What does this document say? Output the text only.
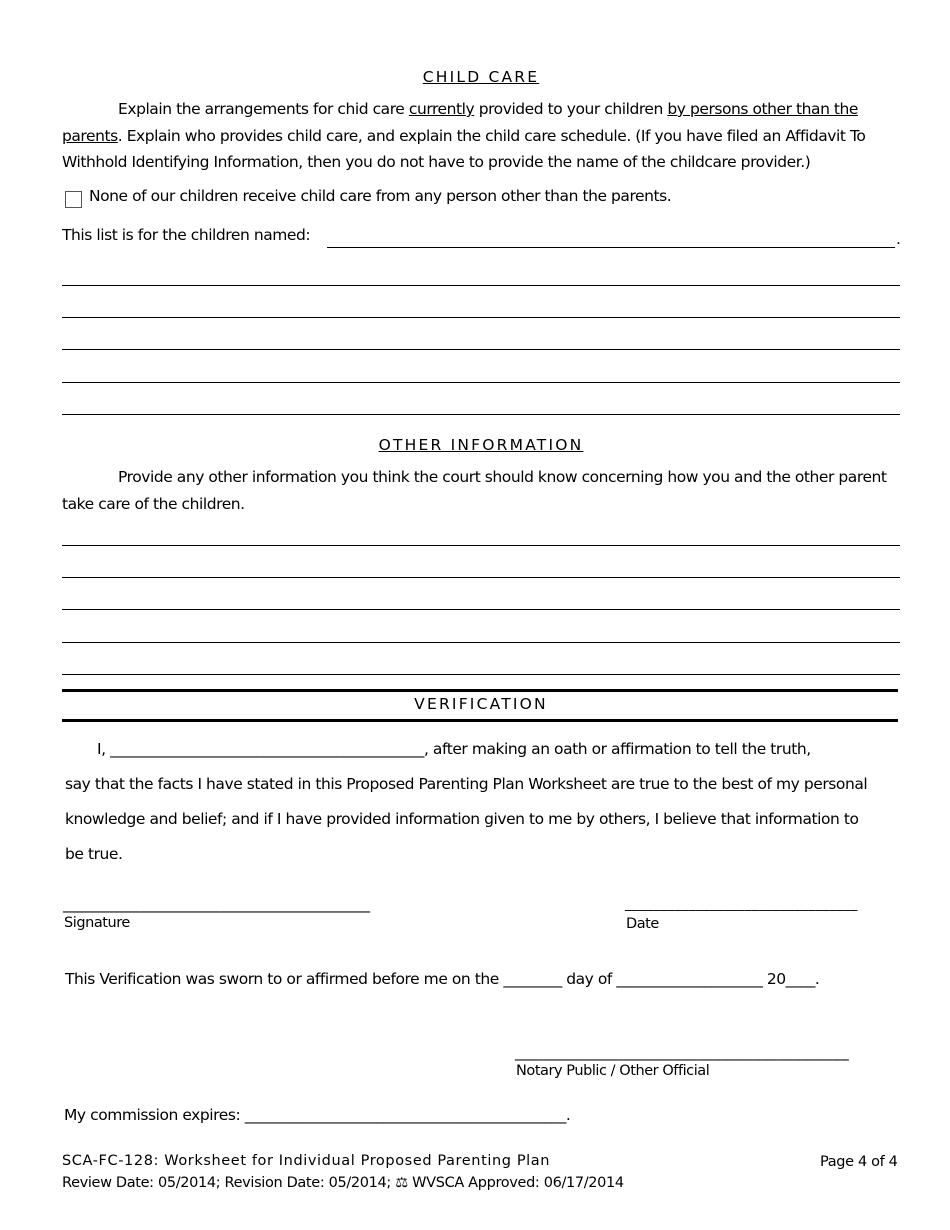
CHILD CARE
Explain the arrangements for chid care currently provided to your children by persons other than the parents. Explain who provides child care, and explain the child care schedule. (If you have filed an Affidavit To Withhold Identifying Information, then you do not have to provide the name of the childcare provider.)
None of our children receive child care from any person other than the parents.
This list is for the children named:	.
OTHER INFORMATION
Provide any other information you think the court should know concerning how you and the other parent take care of the children.
VERIFICATION
I, ___________________________________________, after making an oath or affirmation to tell the truth,
say that the facts I have stated in this Proposed Parenting Plan Worksheet are true to the best of my personal
knowledge and belief; and if I have provided information given to me by others, I believe that information to
be true.
__________________________________________
Signature
_________________________________
Date
This Verification was sworn to or affirmed before me on the ________ day of ____________________ 20____.
__________________________________________
Notary Public / Other Official
My commission expires: ____________________________________________.
SCA-FC-128: Worksheet for Individual Proposed Parenting Plan
Review Date: 05/2014; Revision Date: 05/2014; ⚖ WVSCA Approved: 06/17/2014
Page 4 of 4
